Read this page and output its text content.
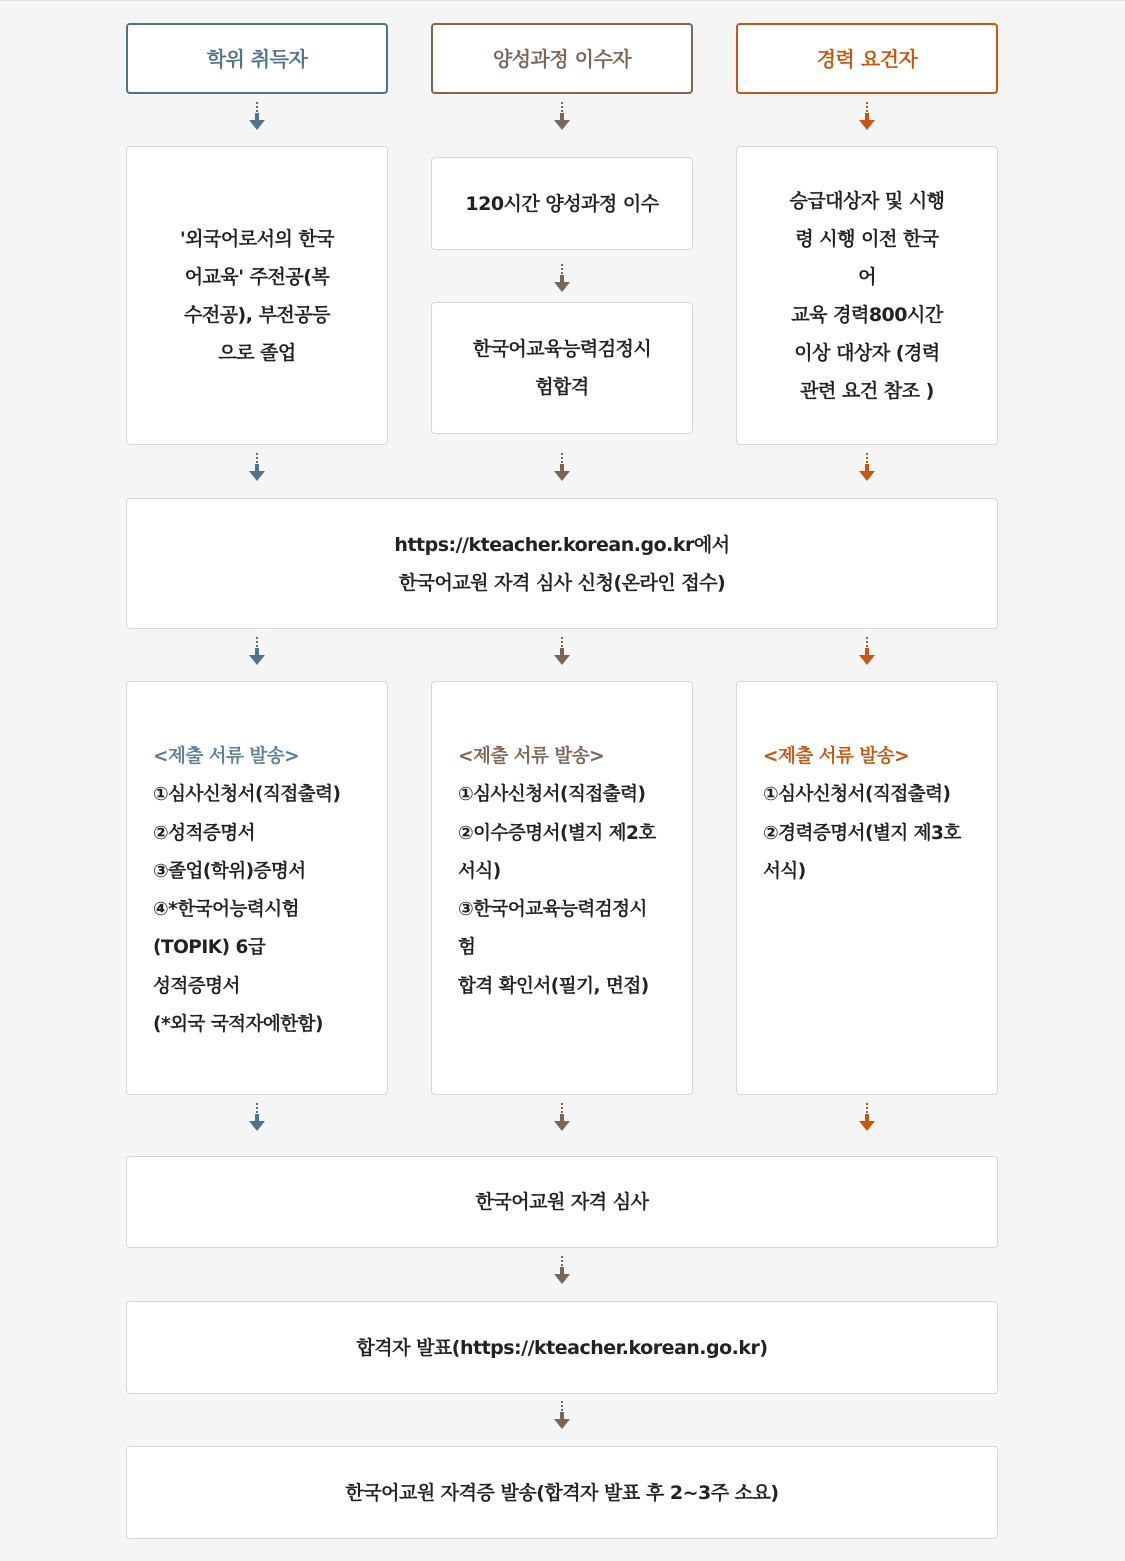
학위 취득자	양성과정 이수자	경력 요건자
'외국어로서의 한국
어교육' 주전공(복
수전공), 부전공등
으로 졸업
120시간 양성과정 이수
한국어교육능력검정시
험합격
승급대상자 및 시행
령 시행 이전 한국어
교육 경력800시간
이상 대상자 (경력
관련 요건 참조 )
https://kteacher.korean.go.kr에서
한국어교원 자격 심사 신청(온라인 접수)
<제출 서류 발송>
①심사신청서(직접출력)
②성적증명서
③졸업(학위)증명서
④*한국어능력시험
(TOPIK) 6급
성적증명서
(*외국 국적자에한함)
<제출 서류 발송>
①심사신청서(직접출력)
②이수증명서(별지 제2호
서식)
③한국어교육능력검정시
험
합격 확인서(필기, 면접)
<제출 서류 발송>
①심사신청서(직접출력)
②경력증명서(별지 제3호
서식)
한국어교원 자격 심사
합격자 발표(https://kteacher.korean.go.kr)
한국어교원 자격증 발송(합격자 발표 후 2~3주 소요)
